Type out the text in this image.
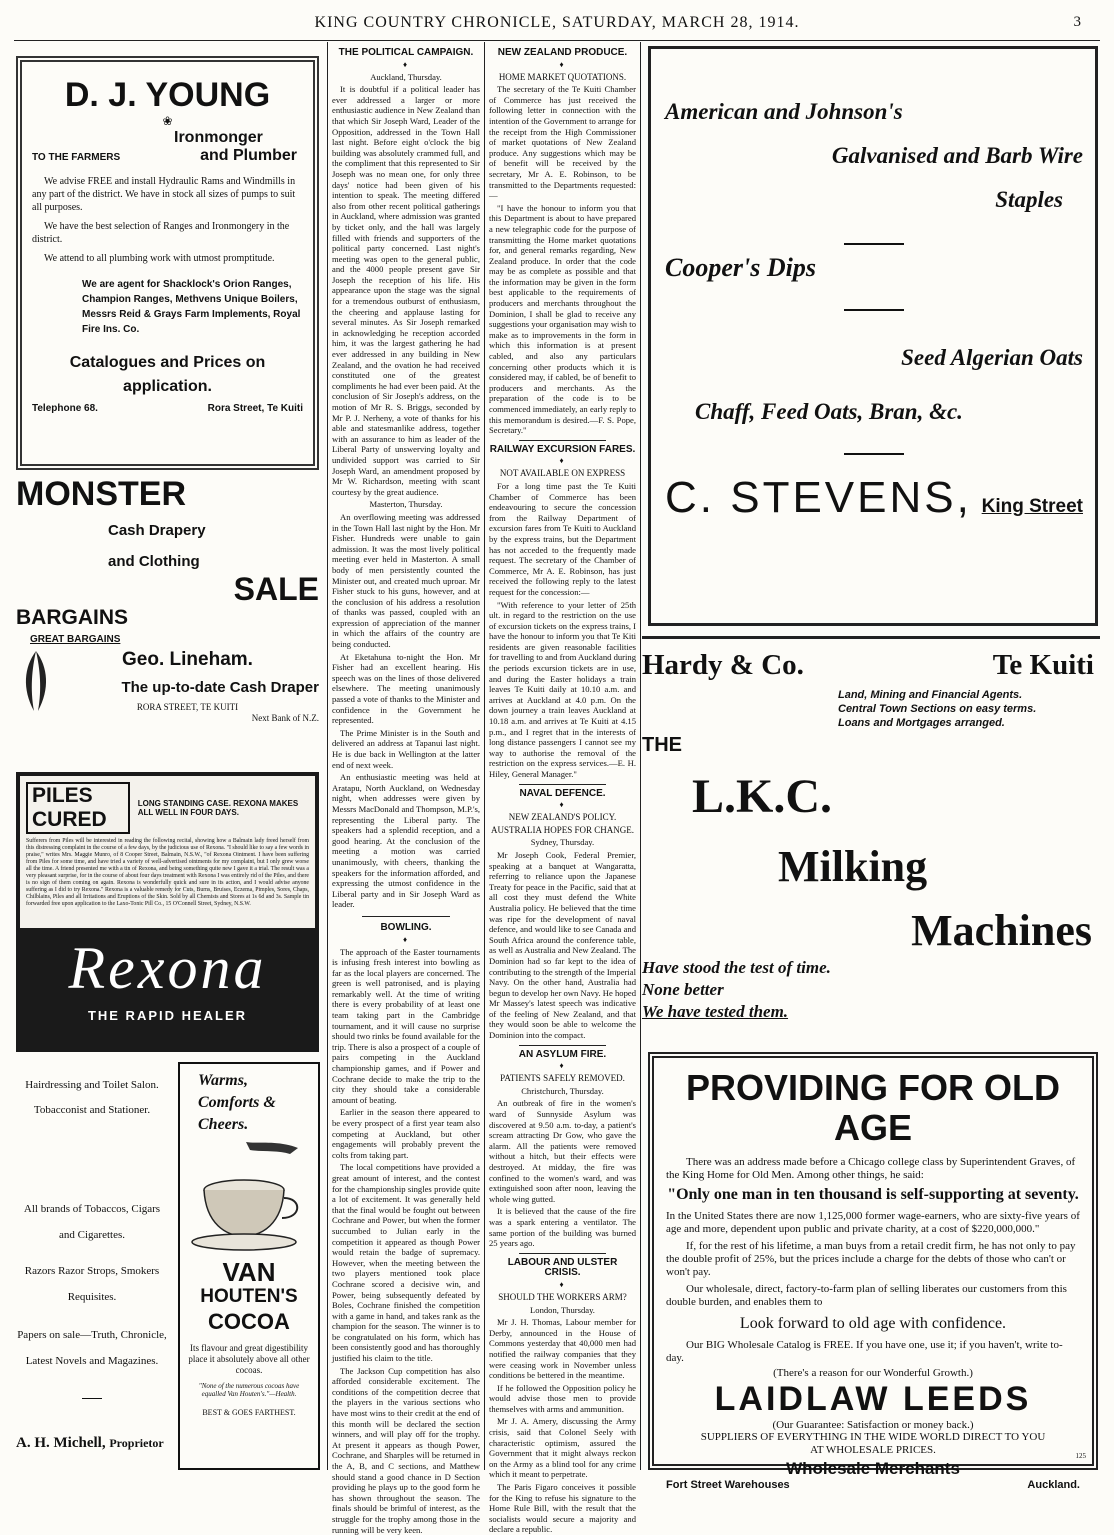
KING COUNTRY CHRONICLE, SATURDAY, MARCH 28, 1914.	3
D. J. YOUNG
❀
Ironmonger
TO THE FARMERS	and Plumber

We advise FREE and install Hydraulic Rams and Windmills in any part of the district. We have in stock all sizes of pumps to suit all purposes.

We have the best selection of Ranges and Ironmongery in the district.

We attend to all plumbing work with utmost promptitude.

We are agent for Shacklock's Orion Ranges, Champion Ranges, Methvens Unique Boilers, Messrs Reid & Grays Farm Implements, Royal Fire Ins. Co.

Catalogues and Prices on application.
Telephone 68.	Rora Street, Te Kuiti
MONSTER
Cash Drapery
and Clothing
SALE
BARGAINS
GREAT BARGAINS
Geo. Lineham.
The up-to-date Cash Draper
RORA STREET, TE KUITI
Next Bank of N.Z.
PILES CURED
LONG STANDING CASE. REXONA MAKES ALL WELL IN FOUR DAYS.

Sufferers from Piles will be interested in reading the following recital, showing how a Balmain lady freed herself from this distressing complaint in the course of a few days, by the judicious use of Rexona. "I should like to say a few words in praise," writes Mrs. Maggie Munro, of 8 Cooper Street, Balmain, N.S.W., "of Rexona Ointment. I have been suffering from Piles for some time, and have tried a variety of well-advertised ointments for my complaint, but I only grew worse all the time. A friend presented me with a tin of Rexona, and being something quite new I gave it a trial. The result was a very pleasant surprise, for in the course of about four days treatment with Rexona I was entirely rid of the Piles, and there is no sign of them coming on again. Rexona is wonderfully quick and sure in its action, and I would advise anyone suffering as I did to try Rexona." Rexona is a valuable remedy for Cuts, Burns, Bruises, Eczema, Pimples, Sores, Chaps, Chilblains, Piles and all Irritations and Eruptions of the Skin. Sold by all Chemists and Stores at 1s 6d and 3s. Sample tin forwarded free upon application to the Laxo-Tonic Pill Co., 15 O'Connell Street, Sydney, N.S.W.

Rexona
THE RAPID HEALER
Hairdressing and Toilet Salon.
Tobacconist and Stationer.
All brands of Tobaccos, Cigars and Cigarettes.
Razors Razor Strops, Smokers Requisites.
Papers on sale—Truth, Chronicle, Latest Novels and Magazines.
A. H. Michell, Proprietor
Warms, Comforts & Cheers.
VAN
HOUTEN'S
COCOA

Its flavour and great digestibility place it absolutely above all other cocoas.

"None of the numerous cocoas have equalled Van Houten's."—Health.

BEST & GOES FARTHEST.
THE POLITICAL CAMPAIGN.
♦
Auckland, Thursday.

It is doubtful if a political leader has ever addressed a larger or more enthusiastic audience in New Zealand than that which Sir Joseph Ward, Leader of the Opposition, addressed in the Town Hall last night. Before eight o'clock the big building was absolutely crammed full, and the compliment that this represented to Sir Joseph was no mean one, for only three days' notice had been given of his intention to speak. The meeting differed also from other recent political gatherings in Auckland, where admission was granted by ticket only, and the hall was largely filled with friends and supporters of the political party concerned. Last night's meeting was open to the general public, and the 4000 people present gave Sir Joseph the reception of his life. His appearance upon the stage was the signal for a tremendous outburst of enthusiasm, the cheering and applause lasting for several minutes. As Sir Joseph remarked in acknowledging he reception accorded him, it was the largest gathering he had ever addressed in any building in New Zealand, and the ovation he had received constituted one of the greatest compliments he had ever been paid. At the conclusion of Sir Joseph's address, on the motion of Mr R. S. Briggs, seconded by Mr P. J. Nerheny, a vote of thanks for his able and statesmanlike address, together with an assurance to him as leader of the Liberal Party of unswerving loyalty and undivided support was carried to Sir Joseph Ward, an amendment proposed by Mr W. Richardson, meeting with scant courtesy by the great audience.

Masterton, Thursday.

An overflowing meeting was addressed in the Town Hall last night by the Hon. Mr Fisher. Hundreds were unable to gain admission. It was the most lively political meeting ever held in Masterton. A small body of men persistently counted the Minister out, and created much uproar. Mr Fisher stuck to his guns, however, and at the conclusion of his address a resolution of thanks was passed, coupled with an expression of appreciation of the manner in which the affairs of the country are being conducted.

At Eketahuna to-night the Hon. Mr Fisher had an excellent hearing. His speech was on the lines of those delivered elsewhere. The meeting unanimously passed a vote of thanks to the Minister and confidence in the Government he represented.

The Prime Minister is in the South and delivered an address at Tapanui last night. He is due back in Wellington at the latter end of next week.

An enthusiastic meeting was held at Aratapu, North Auckland, on Wednesday night, when addresses were given by Messrs MacDonald and Thompson, M.P.'s, representing the Liberal party. The speakers had a splendid reception, and a good hearing. At the conclusion of the meeting a motion was carried unanimously, with cheers, thanking the speakers for the information afforded, and expressing the utmost confidence in the Liberal party and in Sir Joseph Ward as leader.

BOWLING.
♦

The approach of the Easter tournaments is infusing fresh interest into bowling as far as the local players are concerned. The green is well patronised, and is playing remarkably well. At the time of writing there is every probability of at least one team taking part in the Cambridge tournament, and it will cause no surprise should two rinks be found available for the trip. There is also a prospect of a couple of pairs competing in the Auckland championship games, and if Power and Cochrane decide to make the trip to the city they should take a considerable amount of beating.

Earlier in the season there appeared to be every prospect of a first year team also competing at Auckland, but other engagements will probably prevent the colts from taking part.

The local competitions have provided a great amount of interest, and the contest for the championship singles provide quite a lot of excitement. It was generally held that the final would be fought out between Cochrane and Power, but when the former succumbed to Julian early in the competition it appeared as though Power would retain the badge of supremacy. However, when the meeting between the two players mentioned took place Cochrane scored a decisive win, and Power, being subsequently defeated by Boles, Cochrane finished the competition with a game in hand, and takes rank as the champion for the season. The winner is to be congratulated on his form, which has been consistently good and has thoroughly justified his claim to the title.

The Jackson Cup competition has also afforded considerable excitement. The conditions of the competition decree that the players in the various sections who have most wins to their credit at the end of this month will be declared the section winners, and will play off for the trophy. At present it appears as though Power, Cochrane, and Sharples will be returned in the A, B, and C sections, and Matthew should stand a good chance in D Section providing he plays up to the good form he has shown throughout the season. The finals should be brimful of interest, as the struggle for the trophy among those in the running will be very keen.

NEW ZEALAND PRODUCE.
♦
HOME MARKET QUOTATIONS.

The secretary of the Te Kuiti Chamber of Commerce has just received the following letter in connection with the intention of the Government to arrange for the receipt from the High Commissioner of market quotations of New Zealand produce. Any suggestions which may be of benefit will be received by the secretary, Mr A. E. Robinson, to be transmitted to the Departments requested:—

"I have the honour to inform you that this Department is about to have prepared a new telegraphic code for the purpose of transmitting the Home market quotations for, and general remarks regarding, New Zealand produce. In order that the code may be as complete as possible and that the information may be given in the form best applicable to the requirements of producers and merchants throughout the Dominion, I shall be glad to receive any suggestions your organisation may wish to make as to improvements in the form in which this information is at present cabled, and also any particulars concerning other products which it is considered may, if cabled, be of benefit to producers and merchants. As the preparation of the code is to be commenced immediately, an early reply to this memorandum is desired.—F. S. Pope, Secretary."

RAILWAY EXCURSION FARES.
♦
NOT AVAILABLE ON EXPRESS

For a long time past the Te Kuiti Chamber of Commerce has been endeavouring to secure the concession from the Railway Department of excursion fares from Te Kuiti to Auckland by the express trains, but the Department has not acceded to the frequently made request. The secretary of the Chamber of Commerce, Mr A. E. Robinson, has just received the following reply to the latest request for the concession:—

"With reference to your letter of 25th ult. in regard to the restriction on the use of excursion tickets on the express trains, I have the honour to inform you that Te Kiti residents are given reasonable facilities for travelling to and from Auckland during the periods excursion tickets are in use, and during the Easter holidays a train leaves Te Kuiti daily at 10.10 a.m. and arrives at Auckland at 4.0 p.m. On the down journey a train leaves Auckland at 10.18 a.m. and arrives at Te Kuiti at 4.15 p.m., and I regret that in the interests of long distance passengers I cannot see my way to authorise the removal of the restriction on the express services.—E. H. Hiley, General Manager."

NAVAL DEFENCE.
♦
NEW ZEALAND'S POLICY.
AUSTRALIA HOPES FOR CHANGE.
Sydney, Thursday.

Mr Joseph Cook, Federal Premier, speaking at a banquet at Wangaratta, referring to reliance upon the Japanese Treaty for peace in the Pacific, said that at all cost they must defend the White Australia policy. He believed that the time was ripe for the development of naval defence, and would like to see Canada and South Africa around the conference table, as well as Australia and New Zealand. The Dominion had so far kept to the idea of contributing to the strength of the Imperial Navy. On the other hand, Australia had begun to develop her own Navy. He hoped Mr Massey's latest speech was indicative of the feeling of New Zealand, and that they would soon be able to welcome the Dominion into the compact.

AN ASYLUM FIRE.
♦
PATIENTS SAFELY REMOVED.
Christchurch, Thursday.

An outbreak of fire in the women's ward of Sunnyside Asylum was discovered at 9.50 a.m. to-day, a patient's scream attracting Dr Gow, who gave the alarm. All the patients were removed without a hitch, but their effects were destroyed. At midday, the fire was confined to the women's ward, and was extinguished soon after noon, leaving the whole wing gutted.

It is believed that the cause of the fire was a spark entering a ventilator. The same portion of the building was burned 25 years ago.

LABOUR AND ULSTER CRISIS.
♦
SHOULD THE WORKERS ARM?
London, Thursday.

Mr J. H. Thomas, Labour member for Derby, announced in the House of Commons yesterday that 40,000 men had notified the railway companies that they were ceasing work in November unless conditions be bettered in the meantime.

If he followed the Opposition policy he would advise those men to provide themselves with arms and ammunition.

Mr J. A. Amery, discussing the Army crisis, said that Colonel Seely with characteristic optimism, assured the Government that it might always reckon on the Army as a blind tool for any crime which it meant to perpetrate.

The Paris Figaro conceives it possible for the King to refuse his signature to the Home Rule Bill, with the result that the socialists would secure a majority and declare a republic.

American and Johnson's
Galvanised and Barb Wire
Staples
Cooper's Dips
Seed Algerian Oats
Chaff, Feed Oats, Bran, &c.
C. STEVENS, King Street
Hardy & Co.	Te Kuiti
Land, Mining and Financial Agents.
Central Town Sections on easy terms.
Loans and Mortgages arranged.
THE
L.K.C.
Milking
Machines
Have stood the test of time.
None better
We have tested them.
PROVIDING FOR OLD AGE

There was an address made before a Chicago college class by Superintendent Graves, of the King Home for Old Men. Among other things, he said:

"Only one man in ten thousand is self-supporting at seventy.

In the United States there are now 1,125,000 former wage-earners, who are sixty-five years of age and more, dependent upon public and private charity, at a cost of $220,000,000."

If, for the rest of his lifetime, a man buys from a retail credit firm, he has not only to pay the double profit of 25%, but the prices include a charge for the debts of those who can't or won't pay.

Our wholesale, direct, factory-to-farm plan of selling liberates our customers from this double burden, and enables them to

Look forward to old age with confidence.

Our BIG Wholesale Catalog is FREE. If you have one, use it; if you haven't, write to-day.

(There's a reason for our Wonderful Growth.)
LAIDLAW LEEDS
(Our Guarantee: Satisfaction or money back.)
SUPPLIERS OF EVERYTHING IN THE WIDE WORLD DIRECT TO YOU AT WHOLESALE PRICES.
Wholesale Merchants
Fort Street Warehouses	Auckland.
125
